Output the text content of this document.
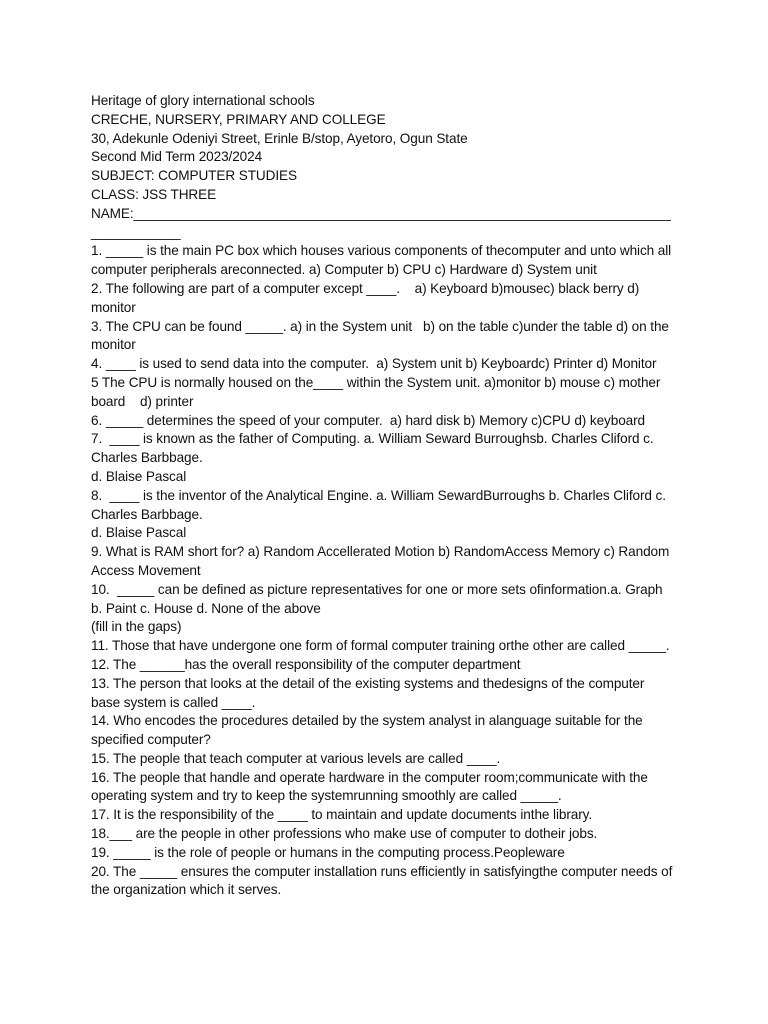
Heritage of glory international schools
CRECHE, NURSERY, PRIMARY AND COLLEGE
30, Adekunle Odeniyi Street, Erinle B/stop, Ayetoro, Ogun State
Second Mid Term 2023/2024
SUBJECT: COMPUTER STUDIES
CLASS: JSS THREE
NAME:____________________________________________________________________________________
1. _____ is the main PC box which houses various components of thecomputer and unto which all computer peripherals areconnected. a) Computer b) CPU c) Hardware d) System unit
2. The following are part of a computer except ____.    a) Keyboard b)mousec) black berry d) monitor
3. The CPU can be found _____. a) in the System unit   b) on the table c)under the table d) on the monitor
4. ____ is used to send data into the computer.  a) System unit b) Keyboardc) Printer d) Monitor
5 The CPU is normally housed on the____ within the System unit. a)monitor b) mouse c) mother board    d) printer
6. _____ determines the speed of your computer.  a) hard disk b) Memory c)CPU d) keyboard
7.  ____ is known as the father of Computing. a. William Seward Burroughsb. Charles Cliford c. Charles Barbbage.
d. Blaise Pascal
8.  ____ is the inventor of the Analytical Engine. a. William SewardBurroughs b. Charles Cliford c. Charles Barbbage.
d. Blaise Pascal
9. What is RAM short for? a) Random Accellerated Motion b) RandomAccess Memory c) Random Access Movement
10.  _____ can be defined as picture representatives for one or more sets ofinformation.a. Graph b. Paint c. House d. None of the above
(fill in the gaps)
11. Those that have undergone one form of formal computer training orthe other are called _____.
12. The ______has the overall responsibility of the computer department
13. The person that looks at the detail of the existing systems and thedesigns of the computer base system is called ____.
14. Who encodes the procedures detailed by the system analyst in alanguage suitable for the specified computer?
15. The people that teach computer at various levels are called ____.
16. The people that handle and operate hardware in the computer room;communicate with the operating system and try to keep the systemrunning smoothly are called _____.
17. It is the responsibility of the ____ to maintain and update documents inthe library.
18.___ are the people in other professions who make use of computer to dotheir jobs.
19. _____ is the role of people or humans in the computing process.Peopleware
20. The _____ ensures the computer installation runs efficiently in satisfyingthe computer needs of the organization which it serves.
